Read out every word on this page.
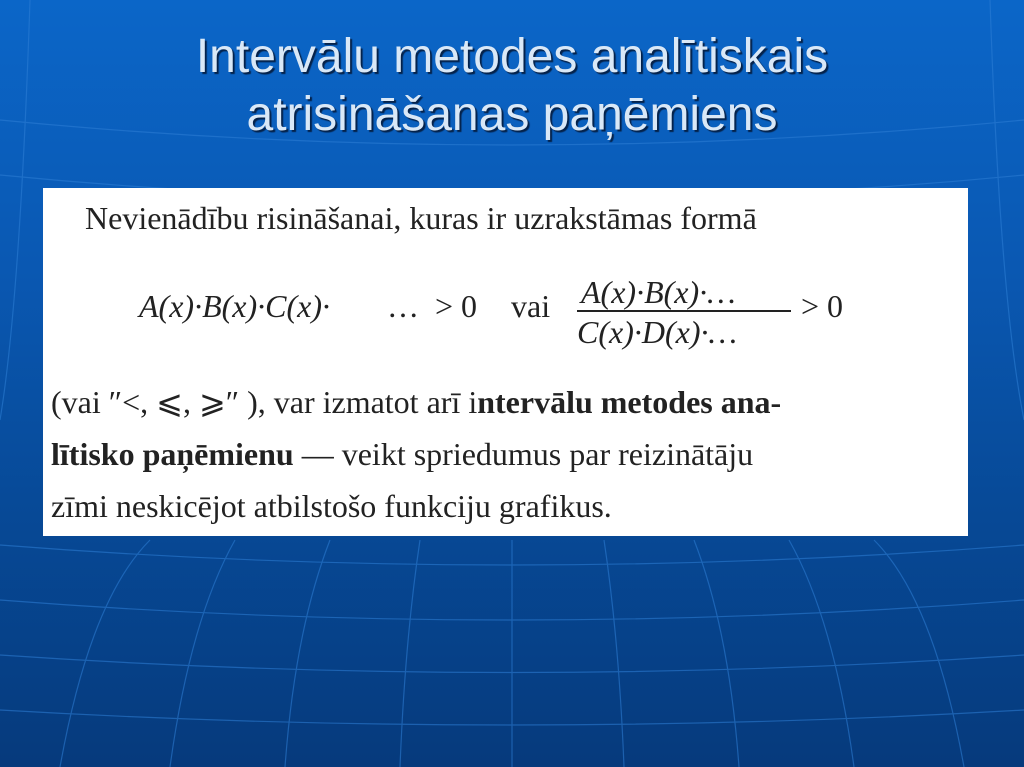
Intervālu metodes analītiskais
atrisināšanas paņēmiens

Nevienādību risināšanai, kuras ir uzrakstāmas formā

A(x)·B(x)·C(x)· … > 0 vai A(x)·B(x)·…
C(x)·D(x)·…
> 0

(vai ″<, ⩽, ⩾″ ), var izmatot arī intervālu metodes ana-
lītisko paņēmienu — veikt spriedumus par reizinātāju
zīmi neskicējot atbilstošo funkciju grafikus.
